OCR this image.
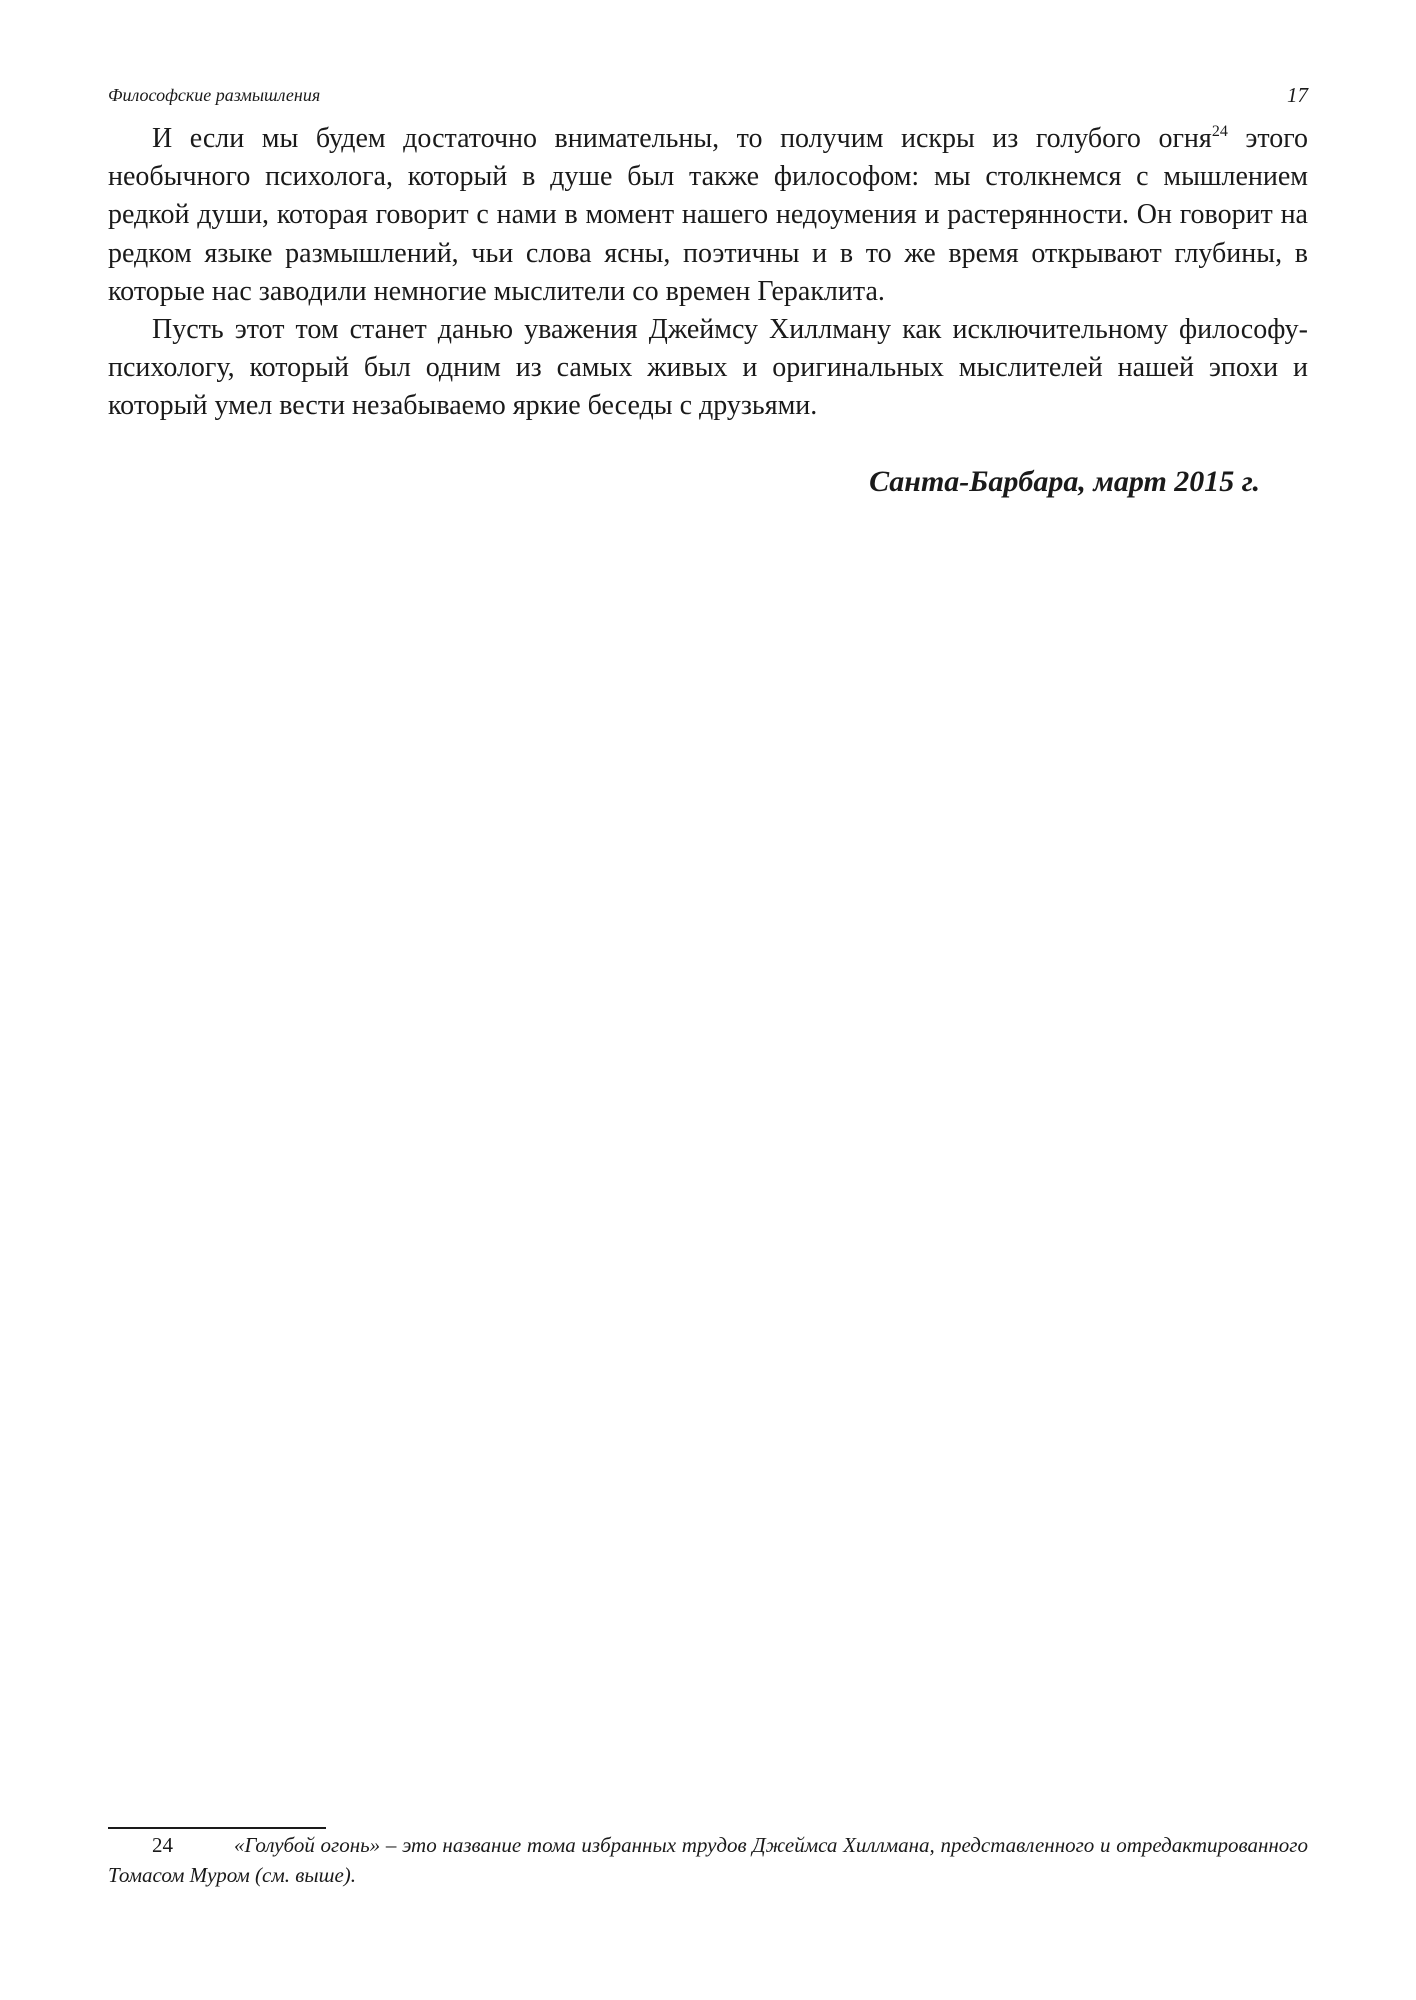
Философские размышления	17

И если мы будем достаточно внимательны, то получим искры из голубого огня$^{24}$ этого необычного психолога, который в душе был также философом: мы столкнемся с мышлением редкой души, которая говорит с нами в момент нашего недоумения и растерянности. Он говорит на редком языке размышлений, чьи слова ясны, поэтичны и в то же время открывают глубины, в которые нас заводили немногие мыслители со времен Гераклита.

Пусть этот том станет данью уважения Джеймсу Хиллману как исключительному философу-психологу, который был одним из самых живых и оригинальных мыслителей нашей эпохи и который умел вести незабываемо яркие беседы с друзьями.

Санта-Барбара, март 2015 г.
24	«Голубой огонь» – это название тома избранных трудов Джеймса Хиллмана, представленного и отредактированного Томасом Муром (см. выше).
